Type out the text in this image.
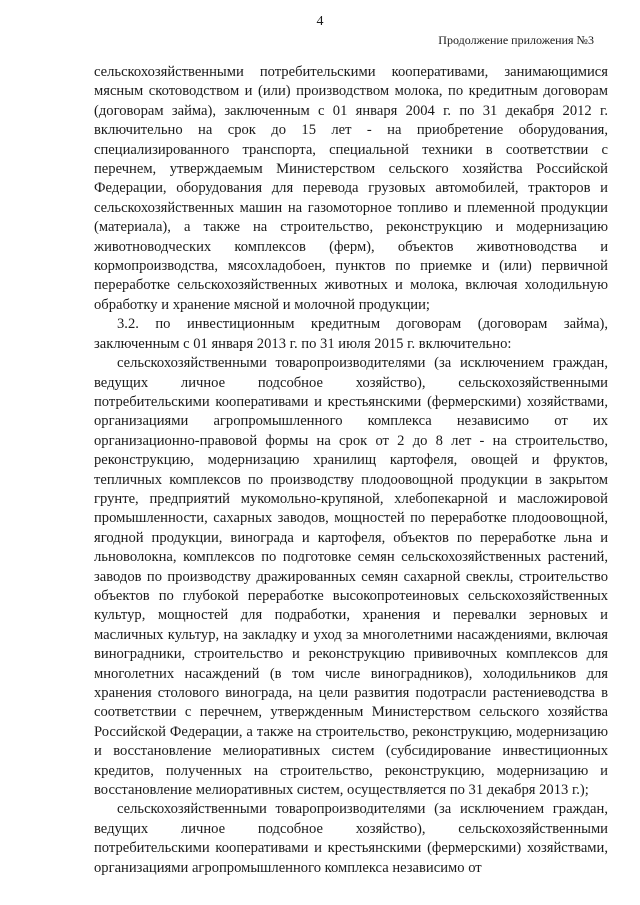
4
Продолжение приложения №3

сельскохозяйственными потребительскими кооперативами, занимающимися мясным скотоводством и (или) производством молока, по кредитным договорам (договорам займа), заключенным с 01 января 2004 г. по 31 декабря 2012 г. включительно на срок до 15 лет - на приобретение оборудования, специализированного транспорта, специальной техники в соответствии с перечнем, утверждаемым Министерством сельского хозяйства Российской Федерации, оборудования для перевода грузовых автомобилей, тракторов и сельскохозяйственных машин на газомоторное топливо и племенной продукции (материала), а также на строительство, реконструкцию и модернизацию животноводческих комплексов (ферм), объектов животноводства и кормопроизводства, мясохладобоен, пунктов по приемке и (или) первичной переработке сельскохозяйственных животных и молока, включая холодильную обработку и хранение мясной и молочной продукции;

3.2. по инвестиционным кредитным договорам (договорам займа), заключенным с 01 января 2013 г. по 31 июля 2015 г. включительно:

сельскохозяйственными товаропроизводителями (за исключением граждан, ведущих личное подсобное хозяйство), сельскохозяйственными потребительскими кооперативами и крестьянскими (фермерскими) хозяйствами, организациями агропромышленного комплекса независимо от их организационно-правовой формы на срок от 2 до 8 лет - на строительство, реконструкцию, модернизацию хранилищ картофеля, овощей и фруктов, тепличных комплексов по производству плодоовощной продукции в закрытом грунте, предприятий мукомольно-крупяной, хлебопекарной и масложировой промышленности, сахарных заводов, мощностей по переработке плодоовощной, ягодной продукции, винограда и картофеля, объектов по переработке льна и льноволокна, комплексов по подготовке семян сельскохозяйственных растений, заводов по производству дражированных семян сахарной свеклы, строительство объектов по глубокой переработке высокопротеиновых сельскохозяйственных культур, мощностей для подработки, хранения и перевалки зерновых и масличных культур, на закладку и уход за многолетними насаждениями, включая виноградники, строительство и реконструкцию прививочных комплексов для многолетних насаждений (в том числе виноградников), холодильников для хранения столового винограда, на цели развития подотрасли растениеводства в соответствии с перечнем, утвержденным Министерством сельского хозяйства Российской Федерации, а также на строительство, реконструкцию, модернизацию и восстановление мелиоративных систем (субсидирование инвестиционных кредитов, полученных на строительство, реконструкцию, модернизацию и восстановление мелиоративных систем, осуществляется по 31 декабря 2013 г.);

сельскохозяйственными товаропроизводителями (за исключением граждан, ведущих личное подсобное хозяйство), сельскохозяйственными потребительскими кооперативами и крестьянскими (фермерскими) хозяйствами, организациями агропромышленного комплекса независимо от
